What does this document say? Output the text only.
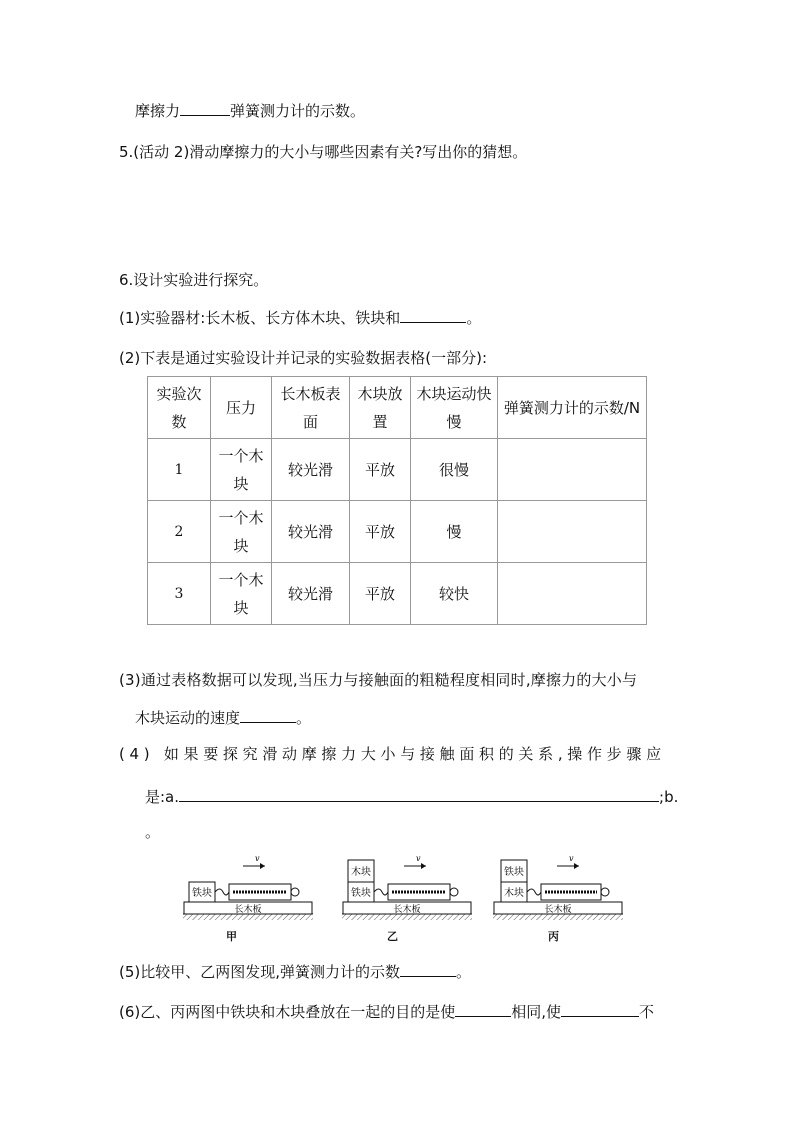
摩擦力	弹簧测力计的示数。
5.(活动 2)滑动摩擦力的大小与哪些因素有关?写出你的猜想。
6.设计实验进行探究。
(1)实验器材:长木板、长方体木块、铁块和	。
(2)下表是通过实验设计并记录的实验数据表格(一部分):
实验次数	压力	长木板表面	木块放置	木块运动快慢	弹簧测力计的示数/N
1	一个木块	较光滑	平放	很慢	
2	一个木块	较光滑	平放	慢	
3	一个木块	较光滑	平放	较快	
(3)通过表格数据可以发现,当压力与接触面的粗糙程度相同时,摩擦力的大小与
木块运动的速度	。
(4) 如果要探究滑动摩擦力大小与接触面积的关系,操作步骤应
是:a.	;b.
。
长木板
铁块
v
甲
长木板
木块
铁块
v
乙
长木板
铁块
木块
v
丙
(5)比较甲、乙两图发现,弹簧测力计的示数	。
(6)乙、丙两图中铁块和木块叠放在一起的目的是使	相同,使	不
